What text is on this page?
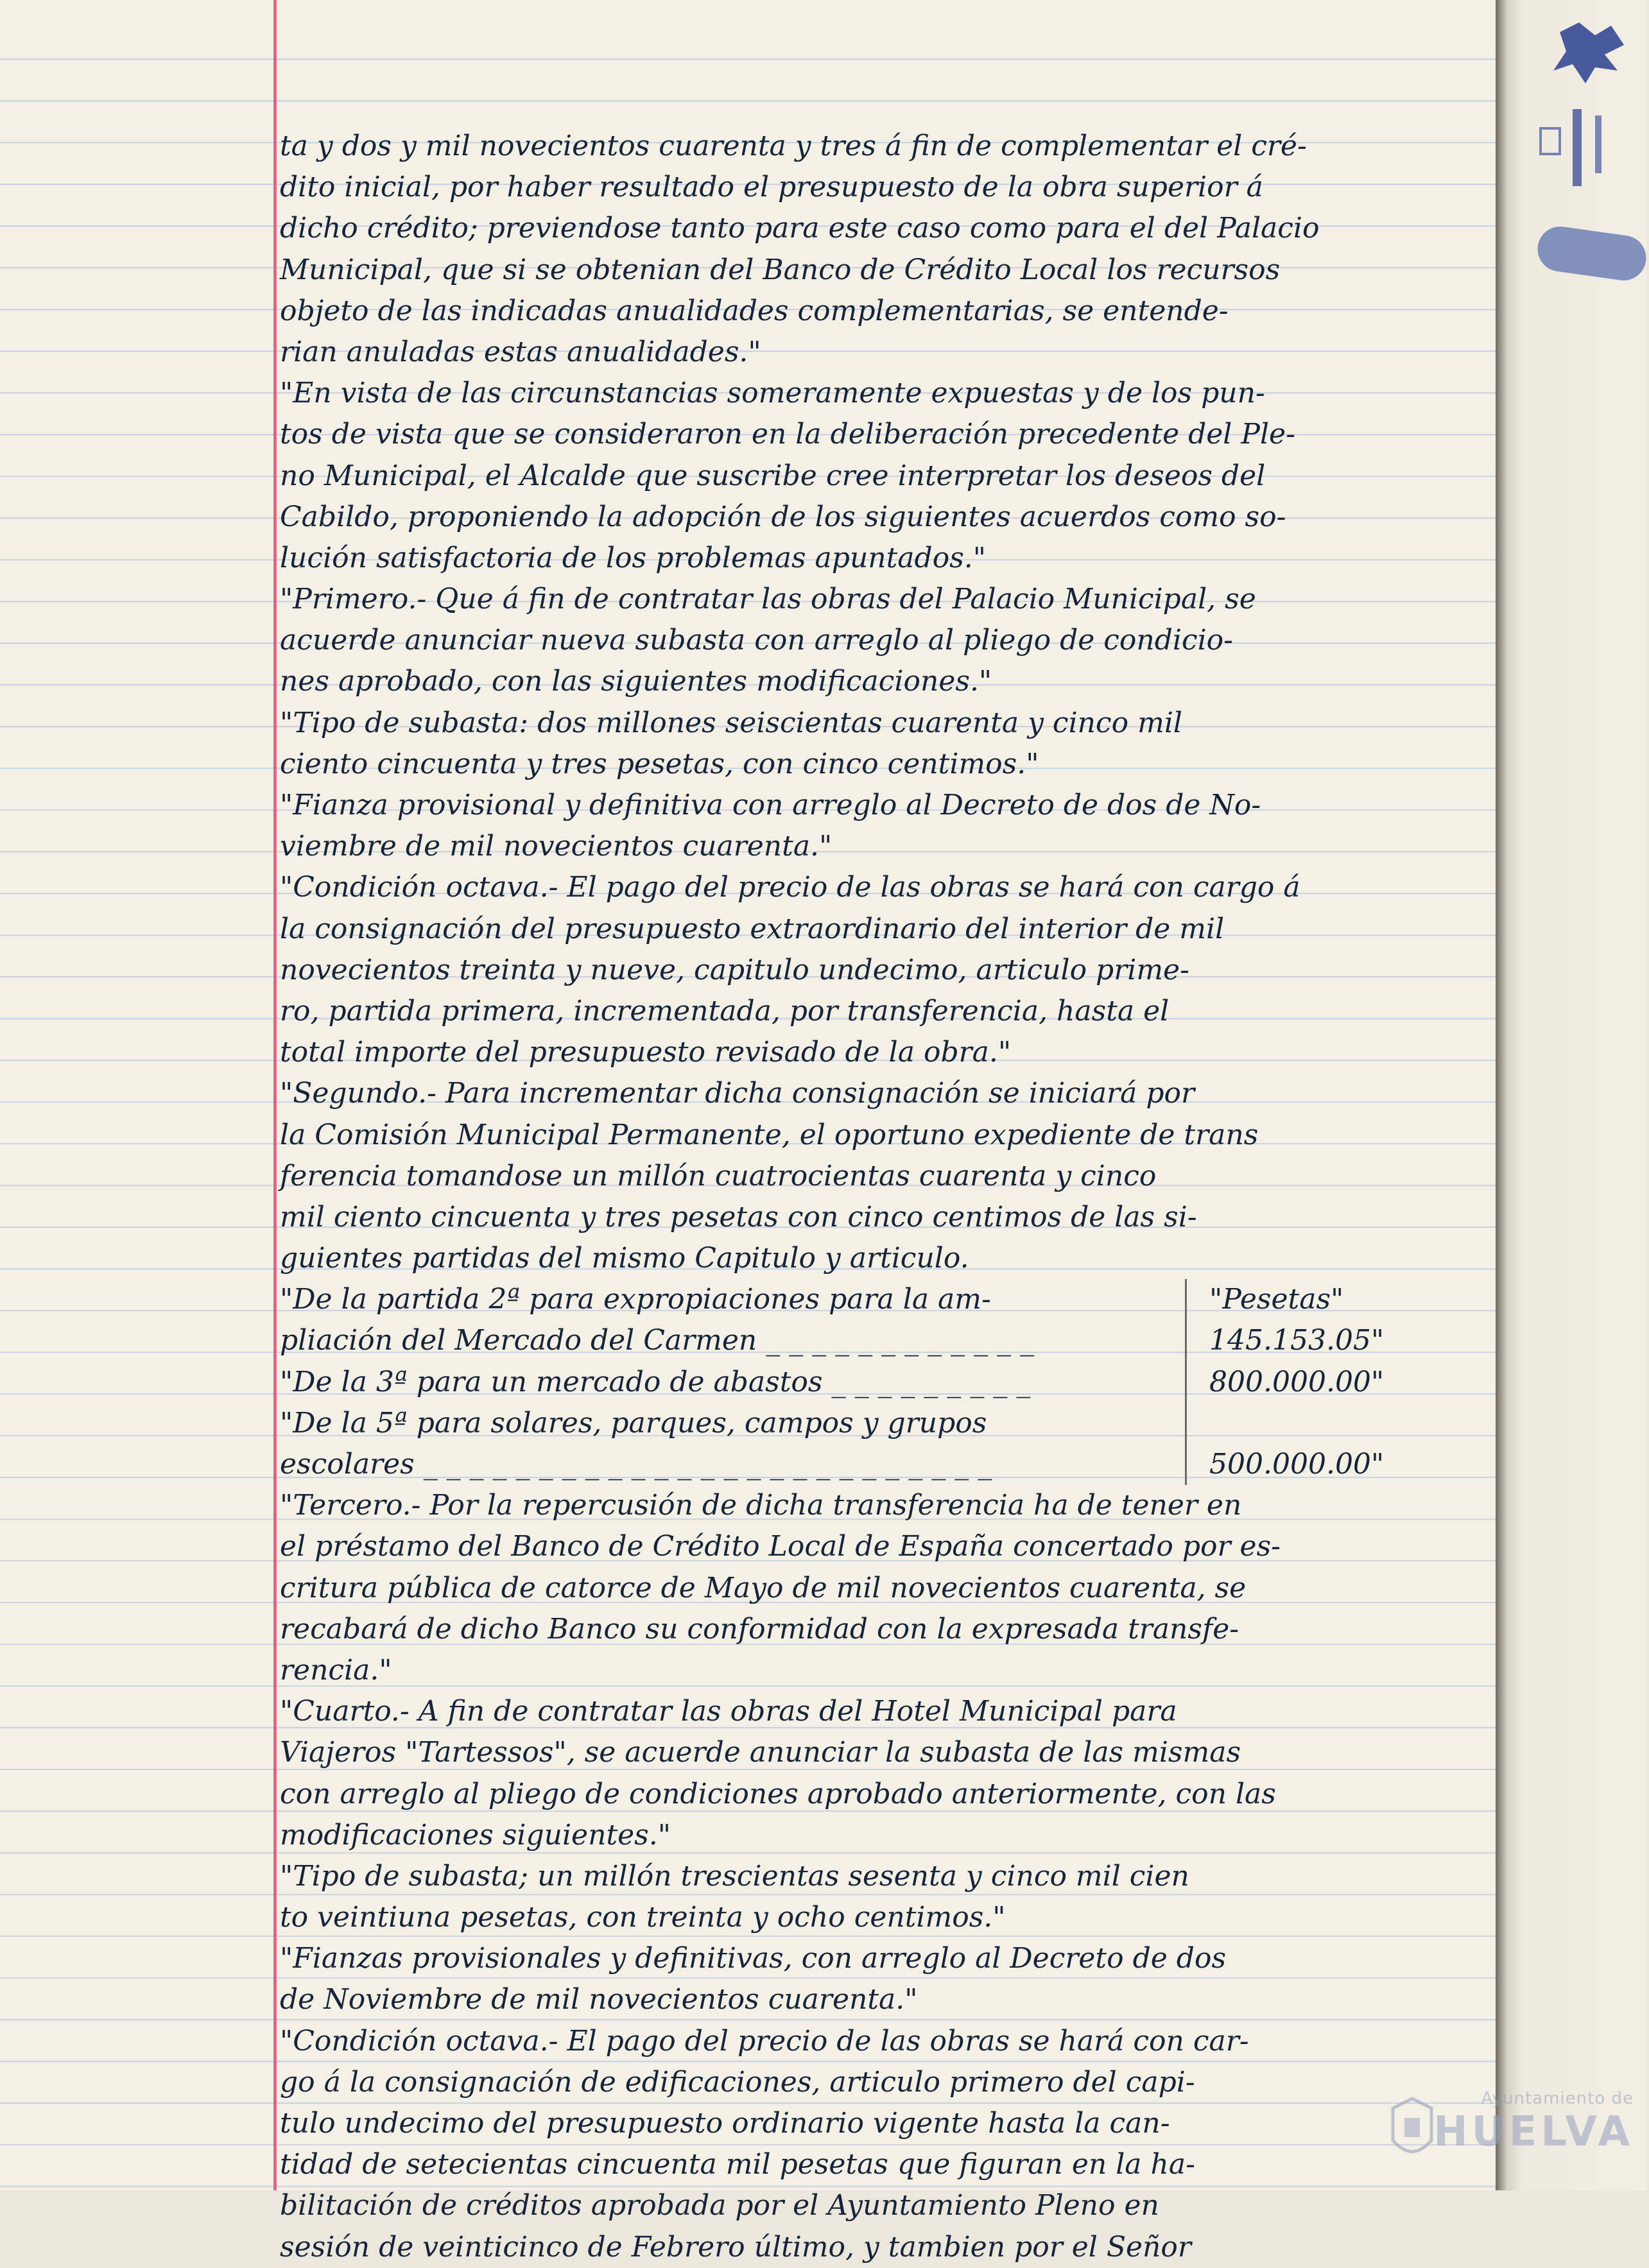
ta y dos y mil novecientos cuarenta y tres á fin de complementar el cré-
dito inicial, por haber resultado el presupuesto de la obra superior á
dicho crédito; previendose tanto para este caso como para el del Palacio
Municipal, que si se obtenian del Banco de Crédito Local los recursos
objeto de las indicadas anualidades complementarias, se entende-
rian anuladas estas anualidades."
"En vista de las circunstancias someramente expuestas y de los pun-
tos de vista que se consideraron en la deliberación precedente del Ple-
no Municipal, el Alcalde que suscribe cree interpretar los deseos del
Cabildo, proponiendo la adopción de los siguientes acuerdos como so-
lución satisfactoria de los problemas apuntados."
"Primero.- Que á fin de contratar las obras del Palacio Municipal, se
acuerde anunciar nueva subasta con arreglo al pliego de condicio-
nes aprobado, con las siguientes modificaciones."
"Tipo de subasta: dos millones seiscientas cuarenta y cinco mil
ciento cincuenta y tres pesetas, con cinco centimos."
"Fianza provisional y definitiva con arreglo al Decreto de dos de No-
viembre de mil novecientos cuarenta."
"Condición octava.- El pago del precio de las obras se hará con cargo á
la consignación del presupuesto extraordinario del interior de mil
novecientos treinta y nueve, capitulo undecimo, articulo prime-
ro, partida primera, incrementada, por transferencia, hasta el
total importe del presupuesto revisado de la obra."
"Segundo.- Para incrementar dicha consignación se iniciará por
la Comisión Municipal Permanente, el oportuno expediente de trans
ferencia tomandose un millón cuatrocientas cuarenta y cinco
mil ciento cincuenta y tres pesetas con cinco centimos de las si-
guientes partidas del mismo Capitulo y articulo.
"De la partida 2ª para expropiaciones para la am-	"Pesetas"
pliación del Mercado del Carmen _ _ _ _ _ _ _ _ _ _ _ _	145.153.05"
"De la 3ª para un mercado de abastos _ _ _ _ _ _ _ _ _	800.000.00"
"De la 5ª para solares, parques, campos y grupos
escolares _ _ _ _ _ _ _ _ _ _ _ _ _ _ _ _ _ _ _ _ _ _ _ _ _	500.000.00"
"Tercero.- Por la repercusión de dicha transferencia ha de tener en
el préstamo del Banco de Crédito Local de España concertado por es-
critura pública de catorce de Mayo de mil novecientos cuarenta, se
recabará de dicho Banco su conformidad con la expresada transfe-
rencia."
"Cuarto.- A fin de contratar las obras del Hotel Municipal para
Viajeros "Tartessos", se acuerde anunciar la subasta de las mismas
con arreglo al pliego de condiciones aprobado anteriormente, con las
modificaciones siguientes."
"Tipo de subasta; un millón trescientas sesenta y cinco mil cien
to veintiuna pesetas, con treinta y ocho centimos."
"Fianzas provisionales y definitivas, con arreglo al Decreto de dos
de Noviembre de mil novecientos cuarenta."
"Condición octava.- El pago del precio de las obras se hará con car-
go á la consignación de edificaciones, articulo primero del capi-
tulo undecimo del presupuesto ordinario vigente hasta la can-
tidad de setecientas cincuenta mil pesetas que figuran en la ha-
bilitación de créditos aprobada por el Ayuntamiento Pleno en
sesión de veinticinco de Febrero último, y tambien por el Señor
Ayuntamiento de
HUELVA
